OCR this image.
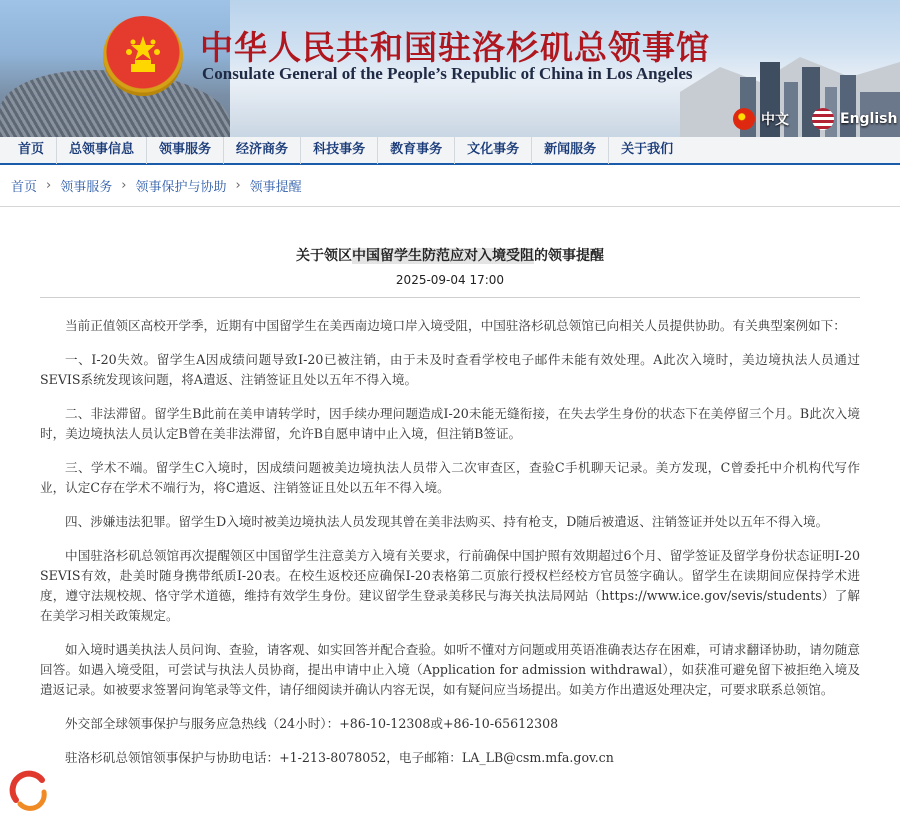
中华人民共和国驻洛杉矶总领事馆
Consulate General of the People’s Republic of China in Los Angeles
中文	English
首页	总领事信息	领事服务	经济商务	科技事务	教育事务	文化事务	新闻服务	关于我们
首页 › 领事服务 › 领事保护与协助 › 领事提醒
关于领区中国留学生防范应对入境受阻的领事提醒
2025-09-04 17:00

当前正值领区高校开学季，近期有中国留学生在美西南边境口岸入境受阻，中国驻洛杉矶总领馆已向相关人员提供协助。有关典型案例如下：

一、I-20失效。留学生A因成绩问题导致I-20已被注销，由于未及时查看学校电子邮件未能有效处理。A此次入境时，美边境执法人员通过SEVIS系统发现该问题，将A遣返、注销签证且处以五年不得入境。

二、非法滞留。留学生B此前在美申请转学时，因手续办理问题造成I-20未能无缝衔接，在失去学生身份的状态下在美停留三个月。B此次入境时，美边境执法人员认定B曾在美非法滞留，允许B自愿申请中止入境，但注销B签证。

三、学术不端。留学生C入境时，因成绩问题被美边境执法人员带入二次审查区，查验C手机聊天记录。美方发现，C曾委托中介机构代写作业，认定C存在学术不端行为，将C遣返、注销签证且处以五年不得入境。

四、涉嫌违法犯罪。留学生D入境时被美边境执法人员发现其曾在美非法购买、持有枪支，D随后被遣返、注销签证并处以五年不得入境。

中国驻洛杉矶总领馆再次提醒领区中国留学生注意美方入境有关要求，行前确保中国护照有效期超过6个月、留学签证及留学身份状态证明I-20 SEVIS有效，赴美时随身携带纸质I-20表。在校生返校还应确保I-20表格第二页旅行授权栏经校方官员签字确认。留学生在读期间应保持学术进度，遵守法规校规、恪守学术道德，维持有效学生身份。建议留学生登录美移民与海关执法局网站（https://www.ice.gov/sevis/students）了解在美学习相关政策规定。

如入境时遇美执法人员问询、查验，请客观、如实回答并配合查验。如听不懂对方问题或用英语准确表达存在困难，可请求翻译协助，请勿随意回答。如遇入境受阻，可尝试与执法人员协商，提出申请中止入境（Application for admission withdrawal），如获准可避免留下被拒绝入境及遣返记录。如被要求签署问询笔录等文件，请仔细阅读并确认内容无误，如有疑问应当场提出。如美方作出遣返处理决定，可要求联系总领馆。

外交部全球领事保护与服务应急热线（24小时）：+86-10-12308或+86-10-65612308

驻洛杉矶总领馆领事保护与协助电话：+1-213-8078052，电子邮箱：LA_LB@csm.mfa.gov.cn
